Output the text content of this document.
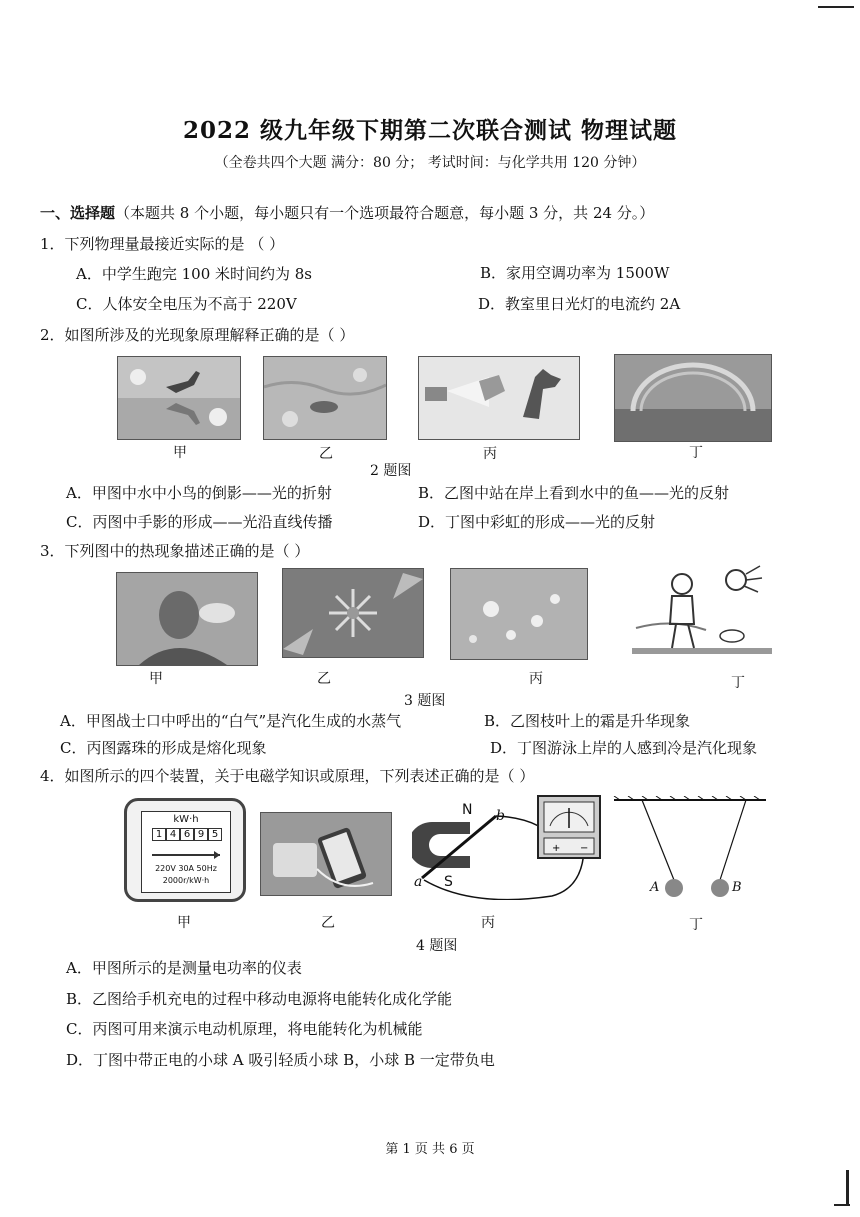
2022 级九年级下期第二次联合测试 物理试题
（全卷共四个大题 满分：80 分； 考试时间：与化学共用 120 分钟）
一、选择题（本题共 8 个小题，每小题只有一个选项最符合题意，每小题 3 分，共 24 分。）
1．下列物理量最接近实际的是 （ ）
A．中学生跑完 100 米时间约为 8s	B．家用空调功率为 1500W
C．人体安全电压为不高于 220V	D．教室里日光灯的电流约 2A
2．如图所涉及的光现象原理解释正确的是（ ）
甲	乙	丙	丁
2 题图
A．甲图中水中小鸟的倒影——光的折射	B．乙图中站在岸上看到水中的鱼——光的反射
C．丙图中手影的形成——光沿直线传播	D．丁图中彩虹的形成——光的反射
3．下列图中的热现象描述正确的是（ ）
甲	乙	丙	丁
3 题图
A．甲图战士口中呼出的“白气”是汽化生成的水蒸气	B．乙图枝叶上的霜是升华现象
C．丙图露珠的形成是熔化现象	D．丁图游泳上岸的人感到冷是汽化现象
4．如图所示的四个装置，关于电磁学知识或原理，下列表述正确的是（ ）
kW·h
1 4 6 9 5
220V 30A 50Hz
2000r/kW·h
+ −
N
S
a
b
A	B
甲	乙	丙	丁
4 题图
A．甲图所示的是测量电功率的仪表
B．乙图给手机充电的过程中移动电源将电能转化成化学能
C．丙图可用来演示电动机原理，将电能转化为机械能
D．丁图中带正电的小球 A 吸引轻质小球 B，小球 B 一定带负电
第 1 页 共 6 页
